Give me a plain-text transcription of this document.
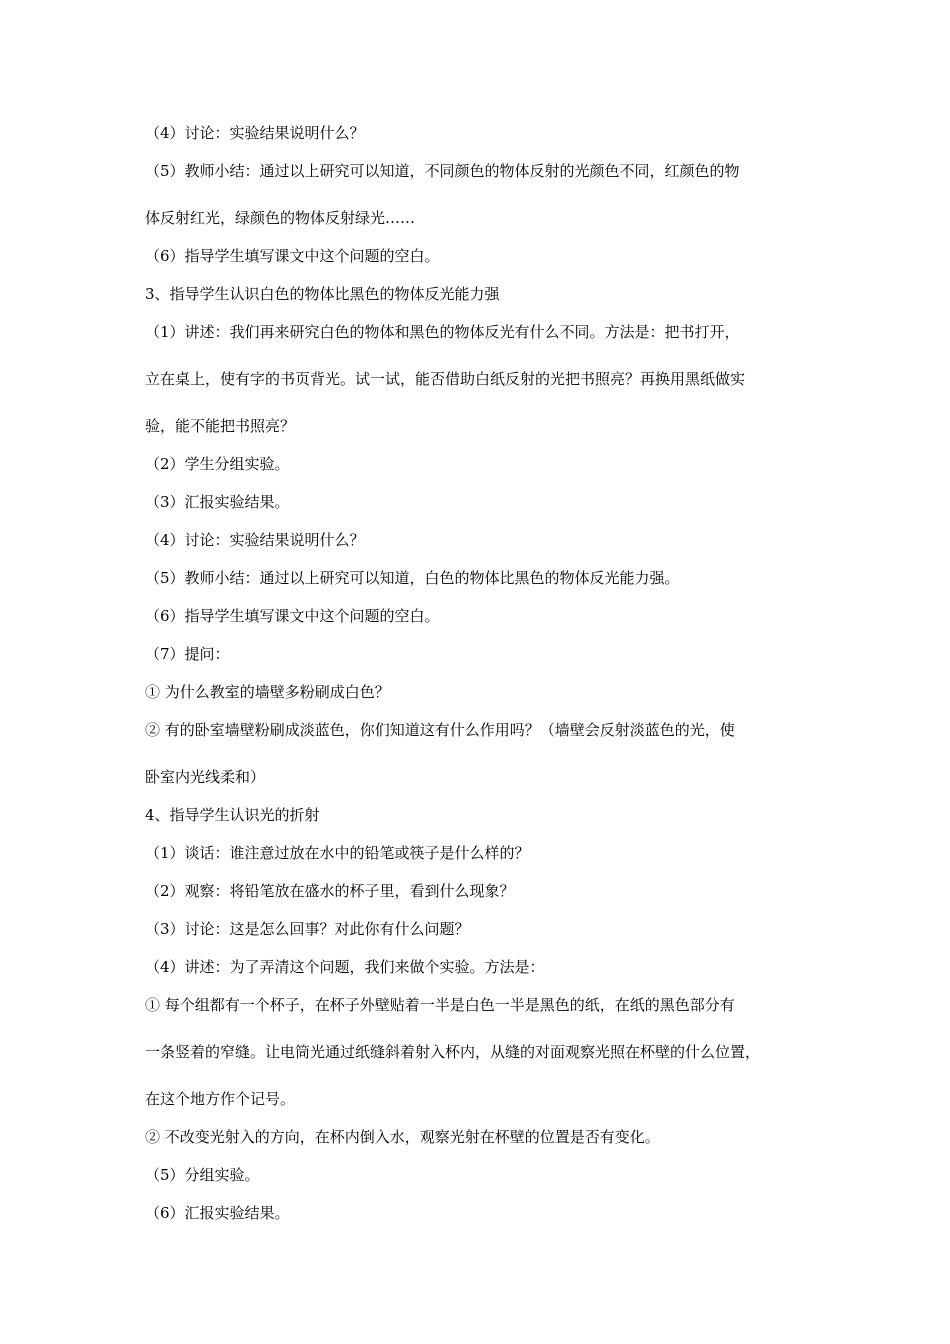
（4）讨论：实验结果说明什么？
（5）教师小结：通过以上研究可以知道，不同颜色的物体反射的光颜色不同，红颜色的物
体反射红光，绿颜色的物体反射绿光……
（6）指导学生填写课文中这个问题的空白。
3、指导学生认识白色的物体比黑色的物体反光能力强
（1）讲述：我们再来研究白色的物体和黑色的物体反光有什么不同。方法是：把书打开，
立在桌上，使有字的书页背光。试一试，能否借助白纸反射的光把书照亮？再换用黑纸做实
验，能不能把书照亮？
（2）学生分组实验。
（3）汇报实验结果。
（4）讨论：实验结果说明什么？
（5）教师小结：通过以上研究可以知道，白色的物体比黑色的物体反光能力强。
（6）指导学生填写课文中这个问题的空白。
（7）提问：
① 为什么教室的墙壁多粉刷成白色？
② 有的卧室墙壁粉刷成淡蓝色，你们知道这有什么作用吗？（墙壁会反射淡蓝色的光，使
卧室内光线柔和）
4、指导学生认识光的折射
（1）谈话：谁注意过放在水中的铅笔或筷子是什么样的？
（2）观察：将铅笔放在盛水的杯子里，看到什么现象？
（3）讨论：这是怎么回事？对此你有什么问题？
（4）讲述：为了弄清这个问题，我们来做个实验。方法是：
① 每个组都有一个杯子，在杯子外壁贴着一半是白色一半是黑色的纸，在纸的黑色部分有
一条竖着的窄缝。让电筒光通过纸缝斜着射入杯内，从缝的对面观察光照在杯壁的什么位置，
在这个地方作个记号。
② 不改变光射入的方向，在杯内倒入水，观察光射在杯壁的位置是否有变化。
（5）分组实验。
（6）汇报实验结果。
